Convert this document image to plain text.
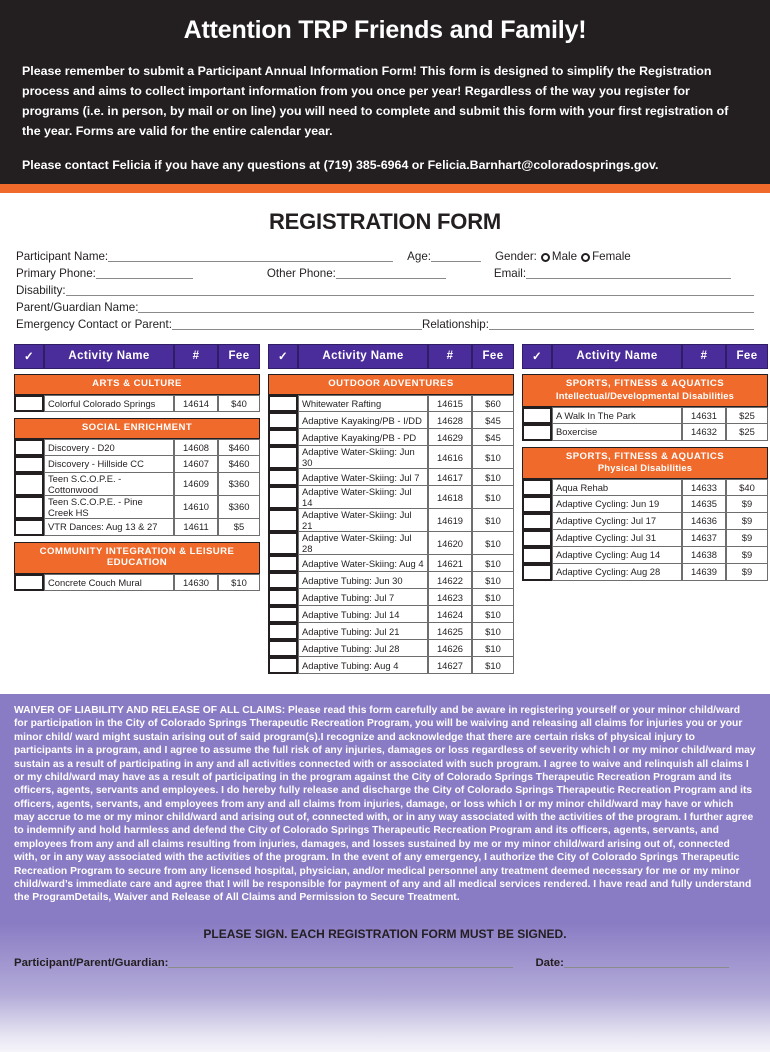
Attention TRP Friends and Family!

Please remember to submit a Participant Annual Information Form! This form is designed to simplify the Registration process and aims to collect important information from you once per year! Regardless of the way you register for programs (i.e. in person, by mail or on line) you will need to complete and submit this form with your first registration of the year. Forms are valid for the entire calendar year.

Please contact Felicia if you have any questions at (719) 385-6964 or Felicia.Barnhart@coloradosprings.gov.

REGISTRATION FORM
Participant Name:	Age:	Gender: Male Female
Primary Phone:	Other Phone:	Email:
Disability:
Parent/Guardian Name:
Emergency Contact or Parent:	Relationship:
✓	Activity Name	#	Fee
ARTS & CULTURE
	Colorful Colorado Springs	14614	$40
SOCIAL ENRICHMENT
	Discovery - D20	14608	$460
	Discovery - Hillside CC	14607	$460
	Teen S.C.O.P.E. - Cottonwood	14609	$360
	Teen S.C.O.P.E. - Pine Creek HS	14610	$360
	VTR Dances: Aug 13 & 27	14611	$5
COMMUNITY INTEGRATION & LEISURE EDUCATION
	Concrete Couch Mural	14630	$10
✓	Activity Name	#	Fee
OUTDOOR ADVENTURES
	Whitewater Rafting	14615	$60
	Adaptive Kayaking/PB - I/DD	14628	$45
	Adaptive Kayaking/PB - PD	14629	$45
	Adaptive Water-Skiing: Jun 30	14616	$10
	Adaptive Water-Skiing: Jul 7	14617	$10
	Adaptive Water-Skiing: Jul 14	14618	$10
	Adaptive Water-Skiing: Jul 21	14619	$10
	Adaptive Water-Skiing: Jul 28	14620	$10
	Adaptive Water-Skiing: Aug 4	14621	$10
	Adaptive Tubing: Jun 30	14622	$10
	Adaptive Tubing: Jul 7	14623	$10
	Adaptive Tubing: Jul 14	14624	$10
	Adaptive Tubing: Jul 21	14625	$10
	Adaptive Tubing: Jul 28	14626	$10
	Adaptive Tubing: Aug 4	14627	$10
✓	Activity Name	#	Fee
SPORTS, FITNESS & AQUATICS
Intellectual/Developmental Disabilities
	A Walk In The Park	14631	$25
	Boxercise	14632	$25
SPORTS, FITNESS & AQUATICS
Physical Disabilities
	Aqua Rehab	14633	$40
	Adaptive Cycling: Jun 19	14635	$9
	Adaptive Cycling: Jul 17	14636	$9
	Adaptive Cycling: Jul 31	14637	$9
	Adaptive Cycling: Aug 14	14638	$9
	Adaptive Cycling: Aug 28	14639	$9
WAIVER OF LIABILITY AND RELEASE OF ALL CLAIMS: Please read this form carefully and be aware in registering yourself or your minor child/ward for participation in the City of Colorado Springs Therapeutic Recreation Program, you will be waiving and releasing all claims for injuries you or your minor child/ ward might sustain arising out of said program(s).I recognize and acknowledge that there are certain risks of physical injury to participants in a program, and I agree to assume the full risk of any injuries, damages or loss regardless of severity which I or my minor child/ward may sustain as a result of participating in any and all activities connected with or associated with such program. I agree to waive and relinquish all claims I or my child/ward may have as a result of participating in the program against the City of Colorado Springs Therapeutic Recreation Program and its officers, agents, servants and employees. I do hereby fully release and discharge the City of Colorado Springs Therapeutic Recreation Program and its officers, agents, servants, and employees from any and all claims from injuries, damage, or loss which I or my minor child/ward may have or which may accrue to me or my minor child/ward and arising out of, connected with, or in any way associated with the activities of the program. I further agree to indemnify and hold harmless and defend the City of Colorado Springs Therapeutic Recreation Program and its officers, agents, servants, and employees from any and all claims resulting from injuries, damages, and losses sustained by me or my minor child/ward arising out of, connected with, or in any way associated with the activities of the program. In the event of any emergency, I authorize the City of Colorado Springs Therapeutic Recreation Program to secure from any licensed hospital, physician, and/or medical personnel any treatment deemed necessary for me or my minor child/ward’s immediate care and agree that I will be responsible for payment of any and all medical services rendered. I have read and fully understand the ProgramDetails, Waiver and Release of All Claims and Permission to Secure Treatment.
PLEASE SIGN. EACH REGISTRATION FORM MUST BE SIGNED.
Participant/Parent/Guardian:	Date:
